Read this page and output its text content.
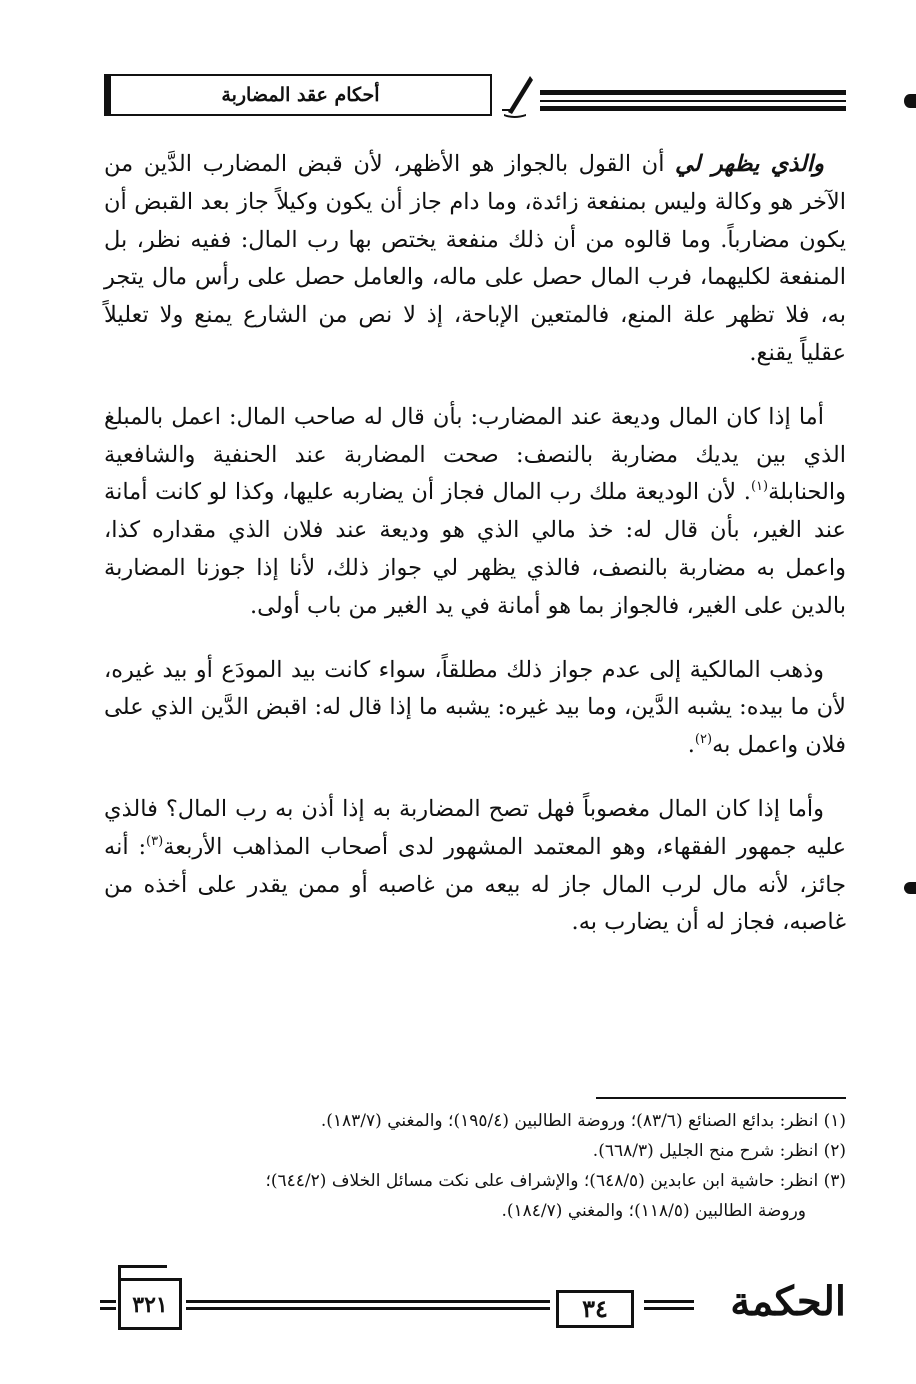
أحكام عقد المضاربة

والذي يظهر لي أن القول بالجواز هو الأظهر، لأن قبض المضارب الدَّين من الآخر هو وكالة وليس بمنفعة زائدة، وما دام جاز أن يكون وكيلاً جاز بعد القبض أن يكون مضارباً. وما قالوه من أن ذلك منفعة يختص بها رب المال: ففيه نظر، بل المنفعة لكليهما، فرب المال حصل على ماله، والعامل حصل على رأس مال يتجر به، فلا تظهر علة المنع، فالمتعين الإباحة، إذ لا نص من الشارع يمنع ولا تعليلاً عقلياً يقنع.

أما إذا كان المال وديعة عند المضارب: بأن قال له صاحب المال: اعمل بالمبلغ الذي بين يديك مضاربة بالنصف: صحت المضاربة عند الحنفية والشافعية والحنابلة$^{(١)}$. لأن الوديعة ملك رب المال فجاز أن يضاربه عليها، وكذا لو كانت أمانة عند الغير، بأن قال له: خذ مالي الذي هو وديعة عند فلان الذي مقداره كذا، واعمل به مضاربة بالنصف، فالذي يظهر لي جواز ذلك، لأنا إذا جوزنا المضاربة بالدين على الغير، فالجواز بما هو أمانة في يد الغير من باب أولى.

وذهب المالكية إلى عدم جواز ذلك مطلقاً، سواء كانت بيد المودَع أو بيد غيره، لأن ما بيده: يشبه الدَّين، وما بيد غيره: يشبه ما إذا قال له: اقبض الدَّين الذي على فلان واعمل به$^{(٢)}$.

وأما إذا كان المال مغصوباً فهل تصح المضاربة به إذا أذن به رب المال؟ فالذي عليه جمهور الفقهاء، وهو المعتمد المشهور لدى أصحاب المذاهب الأربعة$^{(٣)}$: أنه جائز، لأنه مال لرب المال جاز له بيعه من غاصبه أو ممن يقدر على أخذه من غاصبه، فجاز له أن يضارب به.

(١) انظر: بدائع الصنائع (٨٣/٦)؛ وروضة الطالبين (١٩٥/٤)؛ والمغني (١٨٣/٧).

(٢) انظر: شرح منح الجليل (٦٦٨/٣).

(٣) انظر: حاشية ابن عابدين (٦٤٨/٥)؛ والإشراف على نكت مسائل الخلاف (٦٤٤/٢)؛

وروضة الطالبين (١١٨/٥)؛ والمغني (١٨٤/٧).

الحكمة
٣٤
٣٢١
